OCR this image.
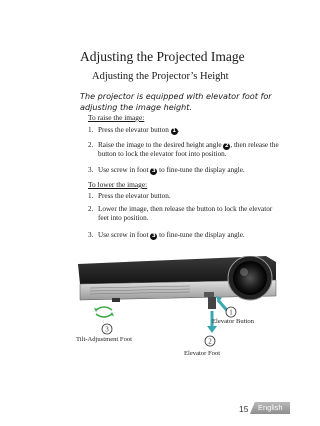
Adjusting the Projected Image
Adjusting the Projector’s Height
The projector is equipped with elevator foot for adjusting the image height.
To raise the image:
1. Press the elevator button 1 .
2. Raise the image to the desired height angle 2 , then release the button to lock the elevator foot into position.
3. Use screw in foot 3 to fine-tune the display angle.
To lower the image:
1. Press the elevator button.
2. Lower the image, then release the button to lock the elevator feet into position.
3. Use screw in foot 3 to fine-tune the display angle.
1
2
3
Elevator Button
Elevator Foot
Tilt-Adjustment Foot
15 English
